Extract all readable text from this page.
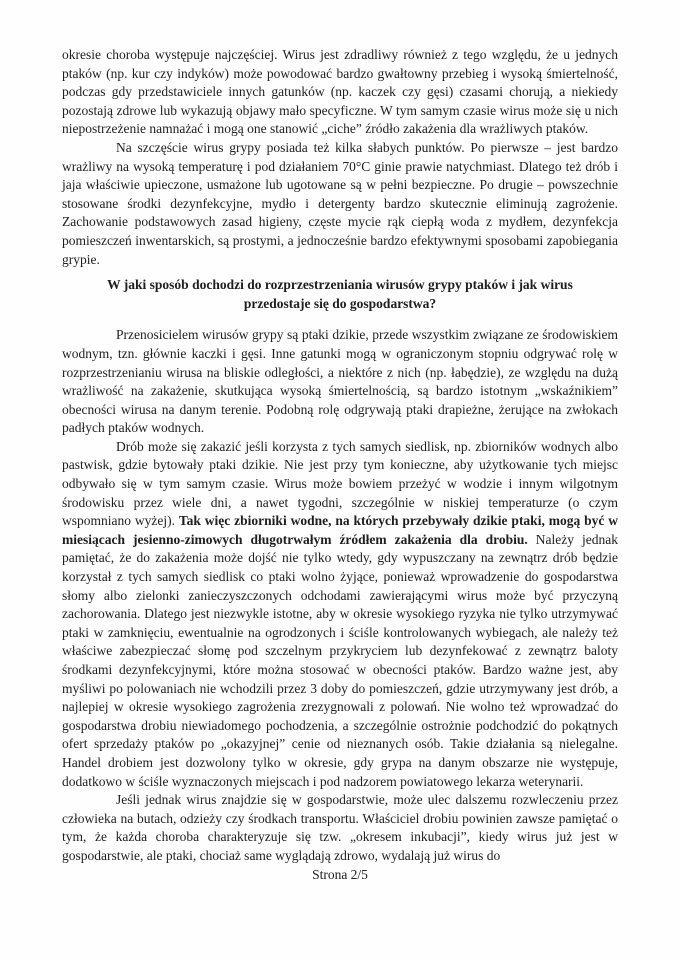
okresie choroba występuje najczęściej. Wirus jest zdradliwy również z tego względu, że u jednych ptaków (np. kur czy indyków) może powodować bardzo gwałtowny przebieg i wysoką śmiertelność, podczas gdy przedstawiciele innych gatunków (np. kaczek czy gęsi) czasami chorują, a niekiedy pozostają zdrowe lub wykazują objawy mało specyficzne. W tym samym czasie wirus może się u nich niepostrzeżenie namnażać i mogą one stanowić „ciche” źródło zakażenia dla wrażliwych ptaków.

Na szczęście wirus grypy posiada też kilka słabych punktów. Po pierwsze – jest bardzo wrażliwy na wysoką temperaturę i pod działaniem 70°C ginie prawie natychmiast. Dlatego też drób i jaja właściwie upieczone, usmażone lub ugotowane są w pełni bezpieczne. Po drugie – powszechnie stosowane środki dezynfekcyjne, mydło i detergenty bardzo skutecznie eliminują zagrożenie. Zachowanie podstawowych zasad higieny, częste mycie rąk ciepłą woda z mydłem, dezynfekcja pomieszczeń inwentarskich, są prostymi, a jednocześnie bardzo efektywnymi sposobami zapobiegania grypie.

W jaki sposób dochodzi do rozprzestrzeniania wirusów grypy ptaków i jak wirus przedostaje się do gospodarstwa?

Przenosicielem wirusów grypy są ptaki dzikie, przede wszystkim związane ze środowiskiem wodnym, tzn. głównie kaczki i gęsi. Inne gatunki mogą w ograniczonym stopniu odgrywać rolę w rozprzestrzenianiu wirusa na bliskie odległości, a niektóre z nich (np. łabędzie), ze względu na dużą wrażliwość na zakażenie, skutkująca wysoką śmiertelnością, są bardzo istotnym „wskaźnikiem” obecności wirusa na danym terenie. Podobną rolę odgrywają ptaki drapieżne, żerujące na zwłokach padłych ptaków wodnych.

Drób może się zakazić jeśli korzysta z tych samych siedlisk, np. zbiorników wodnych albo pastwisk, gdzie bytowały ptaki dzikie. Nie jest przy tym konieczne, aby użytkowanie tych miejsc odbywało się w tym samym czasie. Wirus może bowiem przeżyć w wodzie i innym wilgotnym środowisku przez wiele dni, a nawet tygodni, szczególnie w niskiej temperaturze (o czym wspomniano wyżej). Tak więc zbiorniki wodne, na których przebywały dzikie ptaki, mogą być w miesiącach jesienno-zimowych długotrwałym źródłem zakażenia dla drobiu. Należy jednak pamiętać, że do zakażenia może dojść nie tylko wtedy, gdy wypuszczany na zewnątrz drób będzie korzystał z tych samych siedlisk co ptaki wolno żyjące, ponieważ wprowadzenie do gospodarstwa słomy albo zielonki zanieczyszczonych odchodami zawierającymi wirus może być przyczyną zachorowania. Dlatego jest niezwykle istotne, aby w okresie wysokiego ryzyka nie tylko utrzymywać ptaki w zamknięciu, ewentualnie na ogrodzonych i ściśle kontrolowanych wybiegach, ale należy też właściwe zabezpieczać słomę pod szczelnym przykryciem lub dezynfekować z zewnątrz baloty środkami dezynfekcyjnymi, które można stosować w obecności ptaków. Bardzo ważne jest, aby myśliwi po polowaniach nie wchodzili przez 3 doby do pomieszczeń, gdzie utrzymywany jest drób, a najlepiej w okresie wysokiego zagrożenia zrezygnowali z polowań. Nie wolno też wprowadzać do gospodarstwa drobiu niewiadomego pochodzenia, a szczególnie ostrożnie podchodzić do pokątnych ofert sprzedaży ptaków po „okazyjnej” cenie od nieznanych osób. Takie działania są nielegalne. Handel drobiem jest dozwolony tylko w okresie, gdy grypa na danym obszarze nie występuje, dodatkowo w ściśle wyznaczonych miejscach i pod nadzorem powiatowego lekarza weterynarii.

Jeśli jednak wirus znajdzie się w gospodarstwie, może ulec dalszemu rozwleczeniu przez człowieka na butach, odzieży czy środkach transportu. Właściciel drobiu powinien zawsze pamiętać o tym, że każda choroba charakteryzuje się tzw. „okresem inkubacji”, kiedy wirus już jest w gospodarstwie, ale ptaki, chociaż same wyglądają zdrowo, wydalają już wirus do

Strona 2/5
